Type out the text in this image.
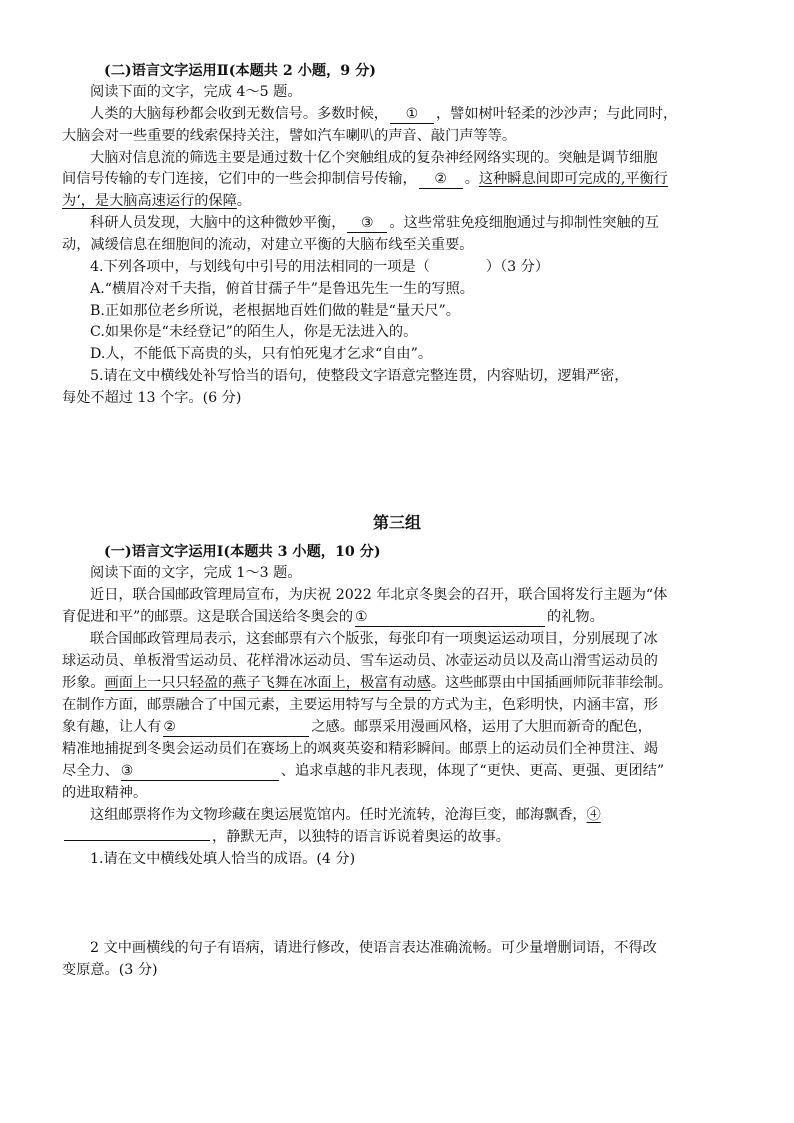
(二)语言文字运用Ⅱ(本题共 2 小题，9 分)
阅读下面的文字，完成 4～5 题。
人类的大脑每秒都会收到无数信号。多数时候， ① ，譬如树叶轻柔的沙沙声；与此同时，
大脑会对一些重要的线索保持关注，譬如汽车喇叭的声音、敲门声等等。
大脑对信息流的筛选主要是通过数十亿个突触组成的复杂神经网络实现的。突触是调节细胞
间信号传输的专门连接，它们中的一些会抑制信号传输， ② 。这种瞬息间即可完成的‚平衡行
为‘，是大脑高速运行的保障。
科研人员发现，大脑中的这种微妙平衡， ③ 。这些常驻免疫细胞通过与抑制性突触的互
动，减缓信息在细胞间的流动，对建立平衡的大脑布线至关重要。
4.下列各项中，与划线句中引号的用法相同的一项是（	）（3 分）
A.“横眉冷对千夫指，俯首甘孺子牛”是鲁迅先生一生的写照。
B.正如那位老乡所说，老根据地百姓们做的鞋是“量天尺”。
C.如果你是“未经登记”的陌生人，你是无法进入的。
D.人，不能低下高贵的头，只有怕死鬼才乞求“自由”。
5.请在文中横线处补写恰当的语句，使整段文字语意完整连贯，内容贴切，逻辑严密，
每处不超过 13 个字。(6 分)
第三组
(一)语言文字运用Ⅰ(本题共 3 小题，10 分)
阅读下面的文字，完成 1～3 题。
近日，联合国邮政管理局宣布，为庆祝 2022 年北京冬奥会的召开，联合国将发行主题为“体
育促进和平”的邮票。这是联合国送给冬奥会的 ①	的礼物。
联合国邮政管理局表示，这套邮票有六个版张，每张印有一项奥运运动项目，分别展现了冰
球运动员、单板滑雪运动员、花样滑冰运动员、雪车运动员、冰壶运动员以及高山滑雪运动员的
形象。画面上一只只轻盈的燕子飞舞在冰面上，极富有动感。这些邮票由中国插画师阮菲菲绘制。
在制作方面，邮票融合了中国元素，主要运用特写与全景的方式为主，色彩明快，内涵丰富，形
象有趣，让人有 ②	之感。邮票采用漫画风格，运用了大胆而新奇的配色，
精准地捕捉到冬奥会运动员们在赛场上的飒爽英姿和精彩瞬间。邮票上的运动员们全神贯注、竭
尽全力、 ③	、追求卓越的非凡表现，体现了“更快、更高、更强、更团结”
的进取精神。
这组邮票将作为文物珍藏在奥运展览馆内。任时光流转，沧海巨变，邮海飘香，④
，静默无声，以独特的语言诉说着奥运的故事。
1.请在文中横线处填人恰当的成语。(4 分)
2 文中画横线的句子有语病，请进行修改，使语言表达准确流畅。可少量增删词语，不得改
变原意。(3 分)
